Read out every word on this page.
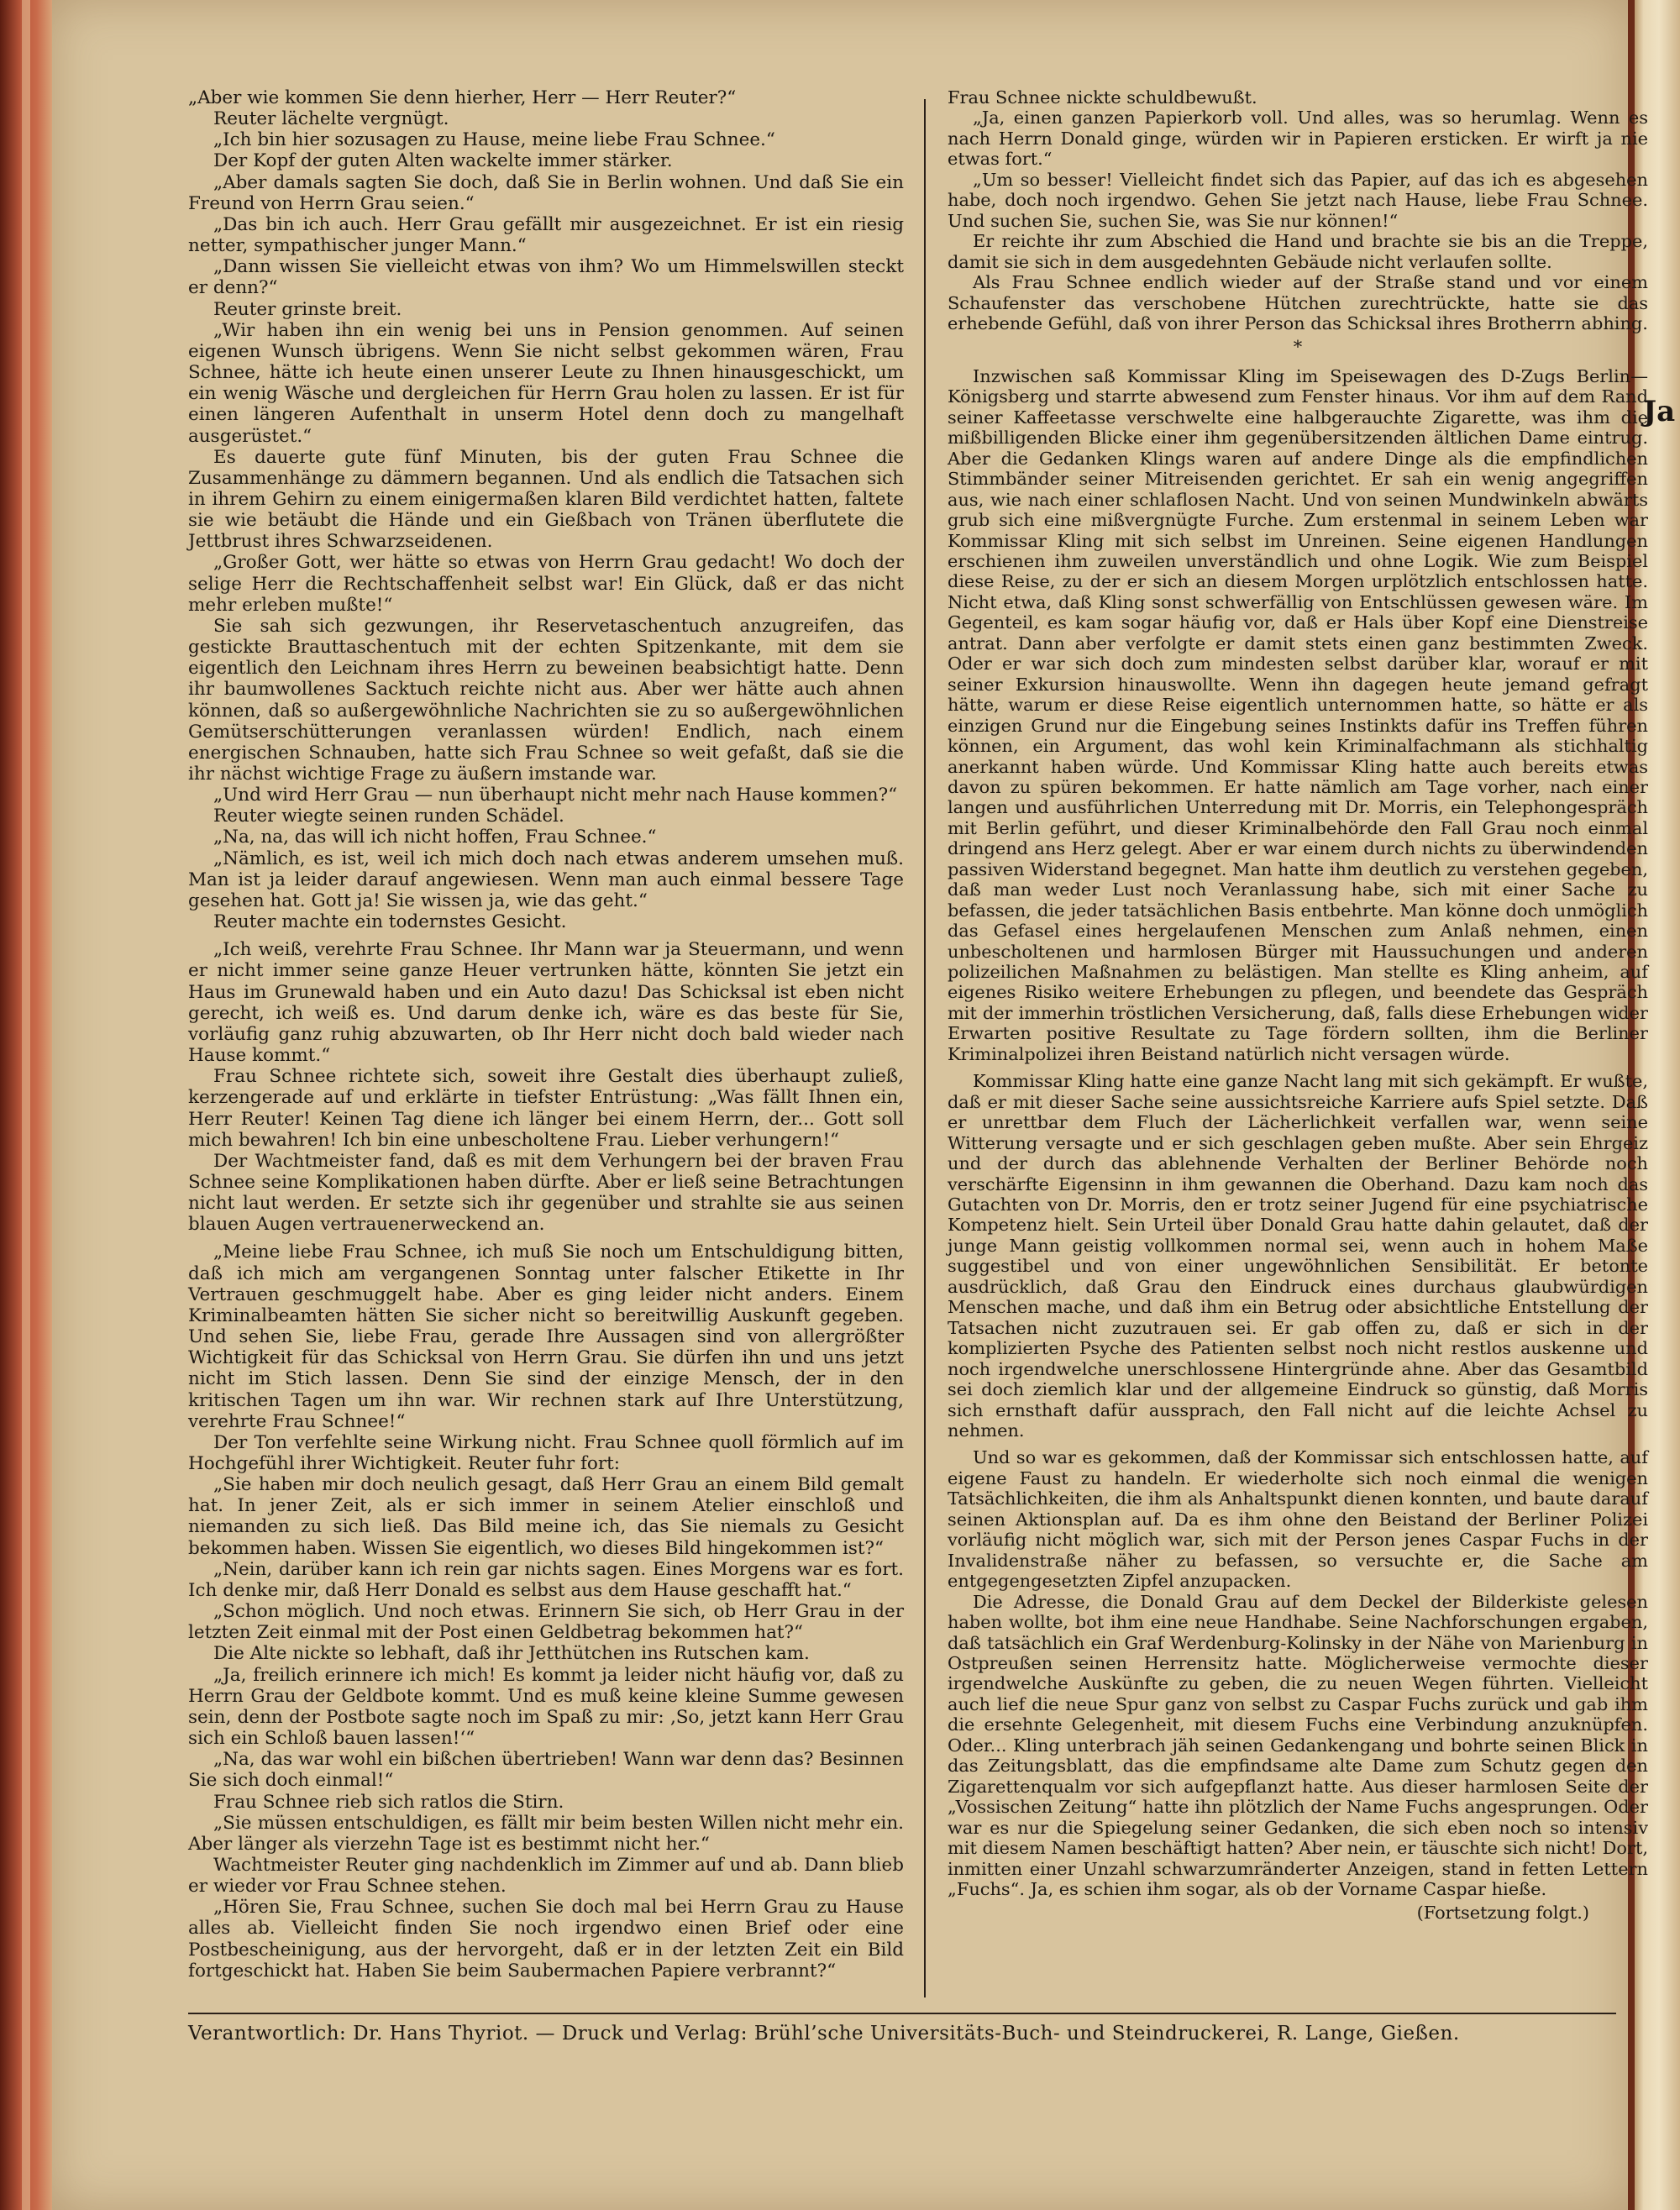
Ja

„Aber wie kommen Sie denn hierher, Herr — Herr Reuter?“

Reuter lächelte vergnügt.

„Ich bin hier sozusagen zu Hause, meine liebe Frau Schnee.“

Der Kopf der guten Alten wackelte immer stärker.

„Aber damals sagten Sie doch, daß Sie in Berlin wohnen. Und daß Sie ein Freund von Herrn Grau seien.“

„Das bin ich auch. Herr Grau gefällt mir ausgezeichnet. Er ist ein riesig netter, sympathischer junger Mann.“

„Dann wissen Sie vielleicht etwas von ihm? Wo um Himmelswillen steckt er denn?“

Reuter grinste breit.

„Wir haben ihn ein wenig bei uns in Pension genommen. Auf seinen eigenen Wunsch übrigens. Wenn Sie nicht selbst gekommen wären, Frau Schnee, hätte ich heute einen unserer Leute zu Ihnen hinausgeschickt, um ein wenig Wäsche und dergleichen für Herrn Grau holen zu lassen. Er ist für einen längeren Aufenthalt in unserm Hotel denn doch zu mangelhaft ausgerüstet.“

Es dauerte gute fünf Minuten, bis der guten Frau Schnee die Zusammenhänge zu dämmern begannen. Und als endlich die Tatsachen sich in ihrem Gehirn zu einem einigermaßen klaren Bild verdichtet hatten, faltete sie wie betäubt die Hände und ein Gießbach von Tränen überflutete die Jettbrust ihres Schwarzseidenen.

„Großer Gott, wer hätte so etwas von Herrn Grau gedacht! Wo doch der selige Herr die Rechtschaffenheit selbst war! Ein Glück, daß er das nicht mehr erleben mußte!“

Sie sah sich gezwungen, ihr Reservetaschentuch anzugreifen, das gestickte Brauttaschentuch mit der echten Spitzenkante, mit dem sie eigentlich den Leichnam ihres Herrn zu beweinen beabsichtigt hatte. Denn ihr baumwollenes Sacktuch reichte nicht aus. Aber wer hätte auch ahnen können, daß so außergewöhnliche Nachrichten sie zu so außergewöhnlichen Gemütserschütterungen veranlassen würden! Endlich, nach einem energischen Schnauben, hatte sich Frau Schnee so weit gefaßt, daß sie die ihr nächst wichtige Frage zu äußern imstande war.

„Und wird Herr Grau — nun überhaupt nicht mehr nach Hause kommen?“

Reuter wiegte seinen runden Schädel.

„Na, na, das will ich nicht hoffen, Frau Schnee.“

„Nämlich, es ist, weil ich mich doch nach etwas anderem umsehen muß. Man ist ja leider darauf angewiesen. Wenn man auch einmal bessere Tage gesehen hat. Gott ja! Sie wissen ja, wie das geht.“

Reuter machte ein todernstes Gesicht.

„Ich weiß, verehrte Frau Schnee. Ihr Mann war ja Steuermann, und wenn er nicht immer seine ganze Heuer vertrunken hätte, könnten Sie jetzt ein Haus im Grunewald haben und ein Auto dazu! Das Schicksal ist eben nicht gerecht, ich weiß es. Und darum denke ich, wäre es das beste für Sie, vorläufig ganz ruhig abzuwarten, ob Ihr Herr nicht doch bald wieder nach Hause kommt.“

Frau Schnee richtete sich, soweit ihre Gestalt dies überhaupt zuließ, kerzengerade auf und erklärte in tiefster Entrüstung: „Was fällt Ihnen ein, Herr Reuter! Keinen Tag diene ich länger bei einem Herrn, der... Gott soll mich bewahren! Ich bin eine unbescholtene Frau. Lieber verhungern!“

Der Wachtmeister fand, daß es mit dem Verhungern bei der braven Frau Schnee seine Komplikationen haben dürfte. Aber er ließ seine Betrachtungen nicht laut werden. Er setzte sich ihr gegenüber und strahlte sie aus seinen blauen Augen vertrauenerweckend an.

„Meine liebe Frau Schnee, ich muß Sie noch um Entschuldigung bitten, daß ich mich am vergangenen Sonntag unter falscher Etikette in Ihr Vertrauen geschmuggelt habe. Aber es ging leider nicht anders. Einem Kriminalbeamten hätten Sie sicher nicht so bereitwillig Auskunft gegeben. Und sehen Sie, liebe Frau, gerade Ihre Aussagen sind von allergrößter Wichtigkeit für das Schicksal von Herrn Grau. Sie dürfen ihn und uns jetzt nicht im Stich lassen. Denn Sie sind der einzige Mensch, der in den kritischen Tagen um ihn war. Wir rechnen stark auf Ihre Unterstützung, verehrte Frau Schnee!“

Der Ton verfehlte seine Wirkung nicht. Frau Schnee quoll förmlich auf im Hochgefühl ihrer Wichtigkeit. Reuter fuhr fort:

„Sie haben mir doch neulich gesagt, daß Herr Grau an einem Bild gemalt hat. In jener Zeit, als er sich immer in seinem Atelier einschloß und niemanden zu sich ließ. Das Bild meine ich, das Sie niemals zu Gesicht bekommen haben. Wissen Sie eigentlich, wo dieses Bild hingekommen ist?“

„Nein, darüber kann ich rein gar nichts sagen. Eines Morgens war es fort. Ich denke mir, daß Herr Donald es selbst aus dem Hause geschafft hat.“

„Schon möglich. Und noch etwas. Erinnern Sie sich, ob Herr Grau in der letzten Zeit einmal mit der Post einen Geldbetrag bekommen hat?“

Die Alte nickte so lebhaft, daß ihr Jetthütchen ins Rutschen kam.

„Ja, freilich erinnere ich mich! Es kommt ja leider nicht häufig vor, daß zu Herrn Grau der Geldbote kommt. Und es muß keine kleine Summe gewesen sein, denn der Postbote sagte noch im Spaß zu mir: ‚So, jetzt kann Herr Grau sich ein Schloß bauen lassen!‘“

„Na, das war wohl ein bißchen übertrieben! Wann war denn das? Besinnen Sie sich doch einmal!“

Frau Schnee rieb sich ratlos die Stirn.

„Sie müssen entschuldigen, es fällt mir beim besten Willen nicht mehr ein. Aber länger als vierzehn Tage ist es bestimmt nicht her.“

Wachtmeister Reuter ging nachdenklich im Zimmer auf und ab. Dann blieb er wieder vor Frau Schnee stehen.

„Hören Sie, Frau Schnee, suchen Sie doch mal bei Herrn Grau zu Hause alles ab. Vielleicht finden Sie noch irgendwo einen Brief oder eine Postbescheinigung, aus der hervorgeht, daß er in der letzten Zeit ein Bild fortgeschickt hat. Haben Sie beim Saubermachen Papiere verbrannt?“

Frau Schnee nickte schuldbewußt.

„Ja, einen ganzen Papierkorb voll. Und alles, was so herumlag. Wenn es nach Herrn Donald ginge, würden wir in Papieren ersticken. Er wirft ja nie etwas fort.“

„Um so besser! Vielleicht findet sich das Papier, auf das ich es abgesehen habe, doch noch irgendwo. Gehen Sie jetzt nach Hause, liebe Frau Schnee. Und suchen Sie, suchen Sie, was Sie nur können!“

Er reichte ihr zum Abschied die Hand und brachte sie bis an die Treppe, damit sie sich in dem ausgedehnten Gebäude nicht verlaufen sollte.

Als Frau Schnee endlich wieder auf der Straße stand und vor einem Schaufenster das verschobene Hütchen zurechtrückte, hatte sie das erhebende Gefühl, daß von ihrer Person das Schicksal ihres Brotherrn abhing.

*

Inzwischen saß Kommissar Kling im Speisewagen des D-Zugs Berlin—Königsberg und starrte abwesend zum Fenster hinaus. Vor ihm auf dem Rand seiner Kaffeetasse verschwelte eine halbgerauchte Zigarette, was ihm die mißbilligenden Blicke einer ihm gegenübersitzenden ältlichen Dame eintrug. Aber die Gedanken Klings waren auf andere Dinge als die empfindlichen Stimmbänder seiner Mitreisenden gerichtet. Er sah ein wenig angegriffen aus, wie nach einer schlaflosen Nacht. Und von seinen Mundwinkeln abwärts grub sich eine mißvergnügte Furche. Zum erstenmal in seinem Leben war Kommissar Kling mit sich selbst im Unreinen. Seine eigenen Handlungen erschienen ihm zuweilen unverständlich und ohne Logik. Wie zum Beispiel diese Reise, zu der er sich an diesem Morgen urplötzlich entschlossen hatte. Nicht etwa, daß Kling sonst schwerfällig von Entschlüssen gewesen wäre. Im Gegenteil, es kam sogar häufig vor, daß er Hals über Kopf eine Dienstreise antrat. Dann aber verfolgte er damit stets einen ganz bestimmten Zweck. Oder er war sich doch zum mindesten selbst darüber klar, worauf er mit seiner Exkursion hinauswollte. Wenn ihn dagegen heute jemand gefragt hätte, warum er diese Reise eigentlich unternommen hatte, so hätte er als einzigen Grund nur die Eingebung seines Instinkts dafür ins Treffen führen können, ein Argument, das wohl kein Kriminalfachmann als stichhaltig anerkannt haben würde. Und Kommissar Kling hatte auch bereits etwas davon zu spüren bekommen. Er hatte nämlich am Tage vorher, nach einer langen und ausführlichen Unterredung mit Dr. Morris, ein Telephongespräch mit Berlin geführt, und dieser Kriminalbehörde den Fall Grau noch einmal dringend ans Herz gelegt. Aber er war einem durch nichts zu überwindenden passiven Widerstand begegnet. Man hatte ihm deutlich zu verstehen gegeben, daß man weder Lust noch Veranlassung habe, sich mit einer Sache zu befassen, die jeder tatsächlichen Basis entbehrte. Man könne doch unmöglich das Gefasel eines hergelaufenen Menschen zum Anlaß nehmen, einen unbescholtenen und harmlosen Bürger mit Haussuchungen und anderen polizeilichen Maßnahmen zu belästigen. Man stellte es Kling anheim, auf eigenes Risiko weitere Erhebungen zu pflegen, und beendete das Gespräch mit der immerhin tröstlichen Versicherung, daß, falls diese Erhebungen wider Erwarten positive Resultate zu Tage fördern sollten, ihm die Berliner Kriminalpolizei ihren Beistand natürlich nicht versagen würde.

Kommissar Kling hatte eine ganze Nacht lang mit sich gekämpft. Er wußte, daß er mit dieser Sache seine aussichtsreiche Karriere aufs Spiel setzte. Daß er unrettbar dem Fluch der Lächerlichkeit verfallen war, wenn seine Witterung versagte und er sich geschlagen geben mußte. Aber sein Ehrgeiz und der durch das ablehnende Verhalten der Berliner Behörde noch verschärfte Eigensinn in ihm gewannen die Oberhand. Dazu kam noch das Gutachten von Dr. Morris, den er trotz seiner Jugend für eine psychiatrische Kompetenz hielt. Sein Urteil über Donald Grau hatte dahin gelautet, daß der junge Mann geistig vollkommen normal sei, wenn auch in hohem Maße suggestibel und von einer ungewöhnlichen Sensibilität. Er betonte ausdrücklich, daß Grau den Eindruck eines durchaus glaubwürdigen Menschen mache, und daß ihm ein Betrug oder absichtliche Entstellung der Tatsachen nicht zuzutrauen sei. Er gab offen zu, daß er sich in der komplizierten Psyche des Patienten selbst noch nicht restlos auskenne und noch irgendwelche unerschlossene Hintergründe ahne. Aber das Gesamtbild sei doch ziemlich klar und der allgemeine Eindruck so günstig, daß Morris sich ernsthaft dafür aussprach, den Fall nicht auf die leichte Achsel zu nehmen.

Und so war es gekommen, daß der Kommissar sich entschlossen hatte, auf eigene Faust zu handeln. Er wiederholte sich noch einmal die wenigen Tatsächlichkeiten, die ihm als Anhaltspunkt dienen konnten, und baute darauf seinen Aktionsplan auf. Da es ihm ohne den Beistand der Berliner Polizei vorläufig nicht möglich war, sich mit der Person jenes Caspar Fuchs in der Invalidenstraße näher zu befassen, so versuchte er, die Sache am entgegengesetzten Zipfel anzupacken.

Die Adresse, die Donald Grau auf dem Deckel der Bilderkiste gelesen haben wollte, bot ihm eine neue Handhabe. Seine Nachforschungen ergaben, daß tatsächlich ein Graf Werdenburg-Kolinsky in der Nähe von Marienburg in Ostpreußen seinen Herrensitz hatte. Möglicherweise vermochte dieser irgendwelche Auskünfte zu geben, die zu neuen Wegen führten. Vielleicht auch lief die neue Spur ganz von selbst zu Caspar Fuchs zurück und gab ihm die ersehnte Gelegenheit, mit diesem Fuchs eine Verbindung anzuknüpfen. Oder... Kling unterbrach jäh seinen Gedankengang und bohrte seinen Blick in das Zeitungsblatt, das die empfindsame alte Dame zum Schutz gegen den Zigarettenqualm vor sich aufgepflanzt hatte. Aus dieser harmlosen Seite der „Vossischen Zeitung“ hatte ihn plötzlich der Name Fuchs angesprungen. Oder war es nur die Spiegelung seiner Gedanken, die sich eben noch so intensiv mit diesem Namen beschäftigt hatten? Aber nein, er täuschte sich nicht! Dort, inmitten einer Unzahl schwarzumränderter Anzeigen, stand in fetten Lettern „Fuchs“. Ja, es schien ihm sogar, als ob der Vorname Caspar hieße.

(Fortsetzung folgt.)

Verantwortlich: Dr. Hans Thyriot. — Druck und Verlag: Brühl’sche Universitäts-Buch- und Steindruckerei, R. Lange, Gießen.
